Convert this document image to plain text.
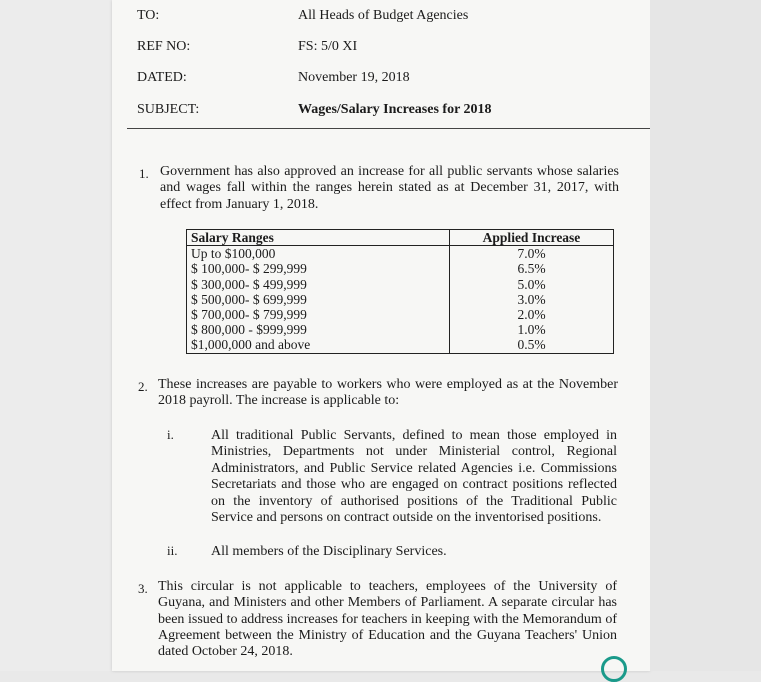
TO:	All Heads of Budget Agencies
REF NO:	FS: 5/0 XI
DATED:	November 19, 2018
SUBJECT:	Wages/Salary Increases for 2018
1. Government has also approved an increase for all public servants whose salaries and wages fall within the ranges herein stated as at December 31, 2017, with effect from January 1, 2018.
Salary Ranges	Applied Increase
Up to $100,000	7.0%
$ 100,000- $ 299,999	6.5%
$ 300,000- $ 499,999	5.0%
$ 500,000- $ 699,999	3.0%
$ 700,000- $ 799,999	2.0%
$ 800,000 - $999,999	1.0%
$1,000,000 and above	0.5%
2. These increases are payable to workers who were employed as at the November 2018 payroll. The increase is applicable to:
i.	All traditional Public Servants, defined to mean those employed in Ministries, Departments not under Ministerial control, Regional Administrators, and Public Service related Agencies i.e. Commissions Secretariats and those who are engaged on contract positions reflected on the inventory of authorised positions of the Traditional Public Service and persons on contract outside on the inventorised positions.
ii. All members of the Disciplinary Services.
3. This circular is not applicable to teachers, employees of the University of Guyana, and Ministers and other Members of Parliament. A separate circular has been issued to address increases for teachers in keeping with the Memorandum of Agreement between the Ministry of Education and the Guyana Teachers' Union dated October 24, 2018.
